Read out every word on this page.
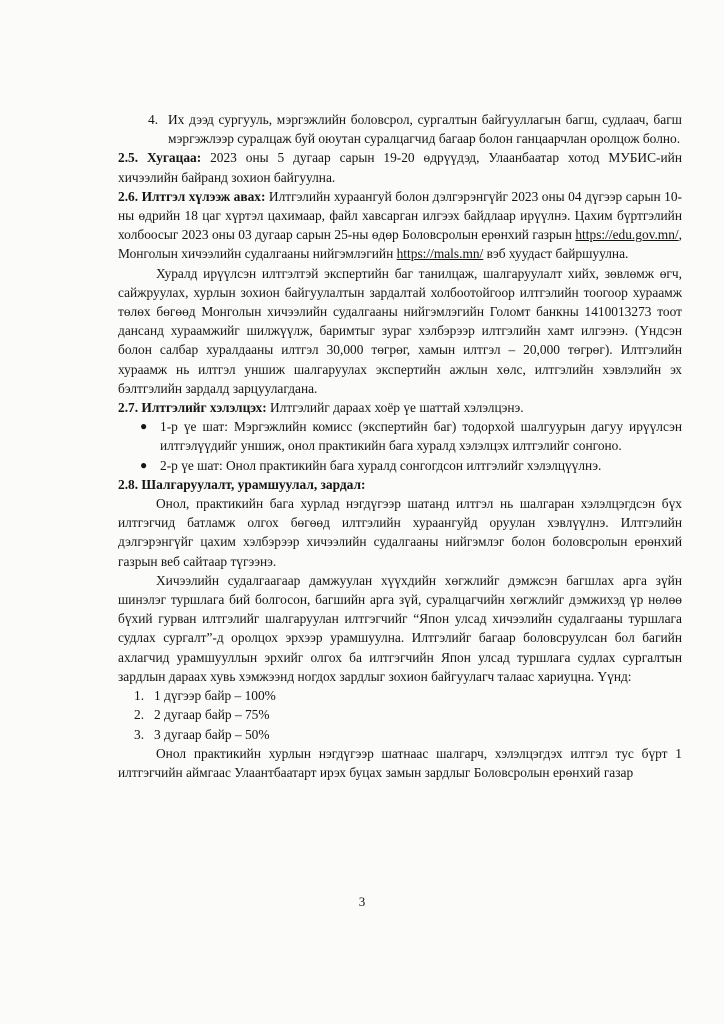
4. Их дээд сургууль, мэргэжлийн боловсрол, сургалтын байгууллагын багш, судлаач, багш мэргэжлээр суралцаж буй оюутан суралцагчид багаар болон ганцаарчлан оролцож болно.

2.5. Хугацаа: 2023 оны 5 дугаар сарын 19-20 өдрүүдэд, Улаанбаатар хотод МУБИС-ийн хичээлийн байранд зохион байгуулна.

2.6. Илтгэл хүлээж авах: Илтгэлийн хураангуй болон дэлгэрэнгүйг 2023 оны 04 дүгээр сарын 10-ны өдрийн 18 цаг хүртэл цахимаар, файл хавсарган илгээх байдлаар ирүүлнэ. Цахим бүртгэлийн холбоосыг 2023 оны 03 дугаар сарын 25-ны өдөр Боловсролын ерөнхий газрын https://edu.gov.mn/, Монголын хичээлийн судалгааны нийгэмлэгийн https://mals.mn/ вэб хуудаст байршуулна.

Хуралд ирүүлсэн илтгэлтэй экспертийн баг танилцаж, шалгаруулалт хийх, зөвлөмж өгч, сайжруулах, хурлын зохион байгуулалтын зардалтай холбоотойгоор илтгэлийн тоогоор хураамж төлөх бөгөөд Монголын хичээлийн судалгааны нийгэмлэгийн Голомт банкны 1410013273 тоот дансанд хураамжийг шилжүүлж, баримтыг зураг хэлбэрээр илтгэлийн хамт илгээнэ. (Үндсэн болон салбар хуралдааны илтгэл 30,000 төгрөг, хамын илтгэл – 20,000 төгрөг). Илтгэлийн хураамж нь илтгэл уншиж шалгаруулах экспертийн ажлын хөлс, илтгэлийн хэвлэлийн эх бэлтгэлийн зардалд зарцуулагдана.

2.7. Илтгэлийг хэлэлцэх: Илтгэлийг дараах хоёр үе шаттай хэлэлцэнэ.

● 1-р үе шат: Мэргэжлийн комисс (экспертийн баг) тодорхой шалгуурын дагуу ирүүлсэн илтгэлүүдийг уншиж, онол практикийн бага хуралд хэлэлцэх илтгэлийг сонгоно.
● 2-р үе шат: Онол практикийн бага хуралд сонгогдсон илтгэлийг хэлэлцүүлнэ.

2.8. Шалгаруулалт, урамшуулал, зардал:

Онол, практикийн бага хурлад нэгдүгээр шатанд илтгэл нь шалгаран хэлэлцэгдсэн бүх илтгэгчид батламж олгох бөгөөд илтгэлийн хураангуйд оруулан хэвлүүлнэ. Илтгэлийн дэлгэрэнгүйг цахим хэлбэрээр хичээлийн судалгааны нийгэмлэг болон боловсролын ерөнхий газрын веб сайтаар түгээнэ.

Хичээлийн судалгаагаар дамжуулан хүүхдийн хөгжлийг дэмжсэн багшлах арга зүйн шинэлэг туршлага бий болгосон, багшийн арга зүй, суралцагчийн хөгжлийг дэмжихэд үр нөлөө бүхий гурван илтгэлийг шалгаруулан илтгэгчийг “Япон улсад хичээлийн судалгааны туршлага судлах сургалт”-д оролцох эрхээр урамшуулна. Илтгэлийг багаар боловсруулсан бол багийн ахлагчид урамшууллын эрхийг олгох ба илтгэгчийн Япон улсад туршлага судлах сургалтын зардлын дараах хувь хэмжээнд ногдох зардлыг зохион байгуулагч талаас хариуцна. Үүнд:

1. 1 дүгээр байр – 100%
2. 2 дугаар байр – 75%
3. 3 дугаар байр – 50%

Онол практикийн хурлын нэгдүгээр шатнаас шалгарч, хэлэлцэгдэх илтгэл тус бүрт 1 илтгэгчийн аймгаас Улаантбаатарт ирэх буцах замын зардлыг Боловсролын ерөнхий газар

3
